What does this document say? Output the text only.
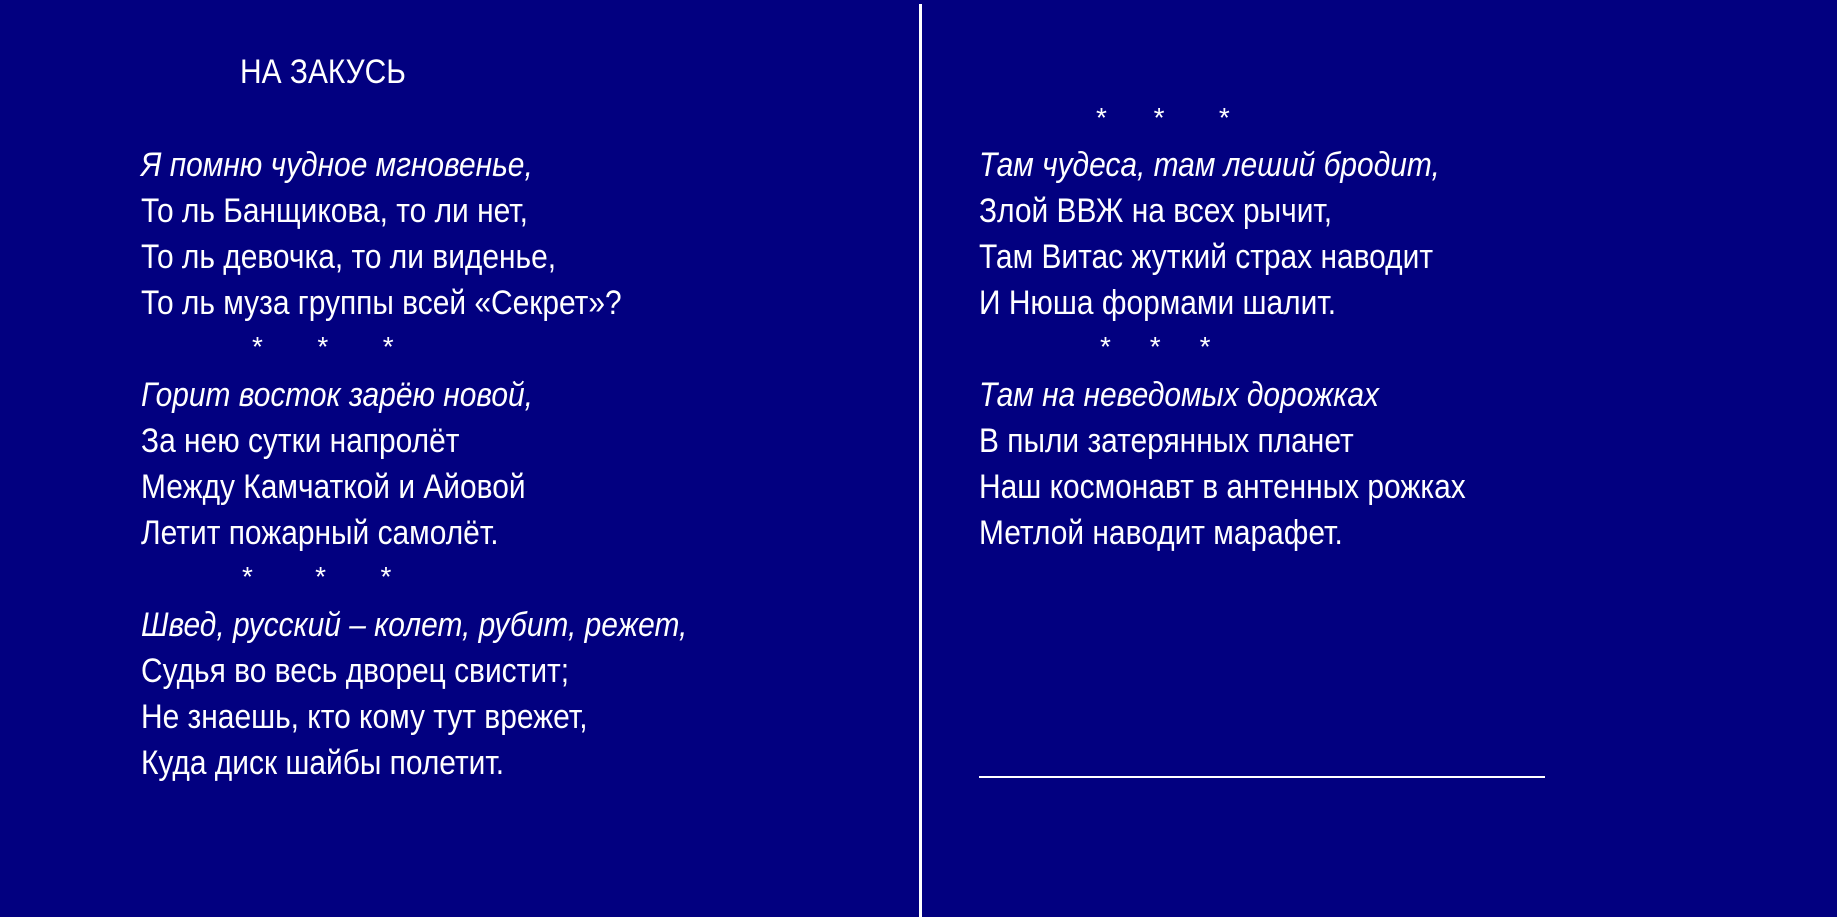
НА ЗАКУСЬ
Я помню чудное мгновенье,
То ль Банщикова, то ли нет,
То ль девочка, то ли виденье,
То ль муза группы всей «Секрет»?
*       *       *
Горит восток зарёю новой,
За нею сутки напролёт
Между Камчаткой и Айовой
Летит пожарный самолёт.
*        *       *
Швед, русский – колет, рубит, режет,
Судья во весь дворец свистит;
Не знаешь, кто кому тут врежет,
Куда диск шайбы полетит.
*      *       *
Там чудеса, там леший бродит,
Злой ВВЖ на всех рычит,
Там Витас жуткий страх наводит
И Нюша формами шалит.
*     *     *
Там на неведомых дорожках
В пыли затерянных планет
Наш космонавт в антенных рожках
Метлой наводит марафет.
